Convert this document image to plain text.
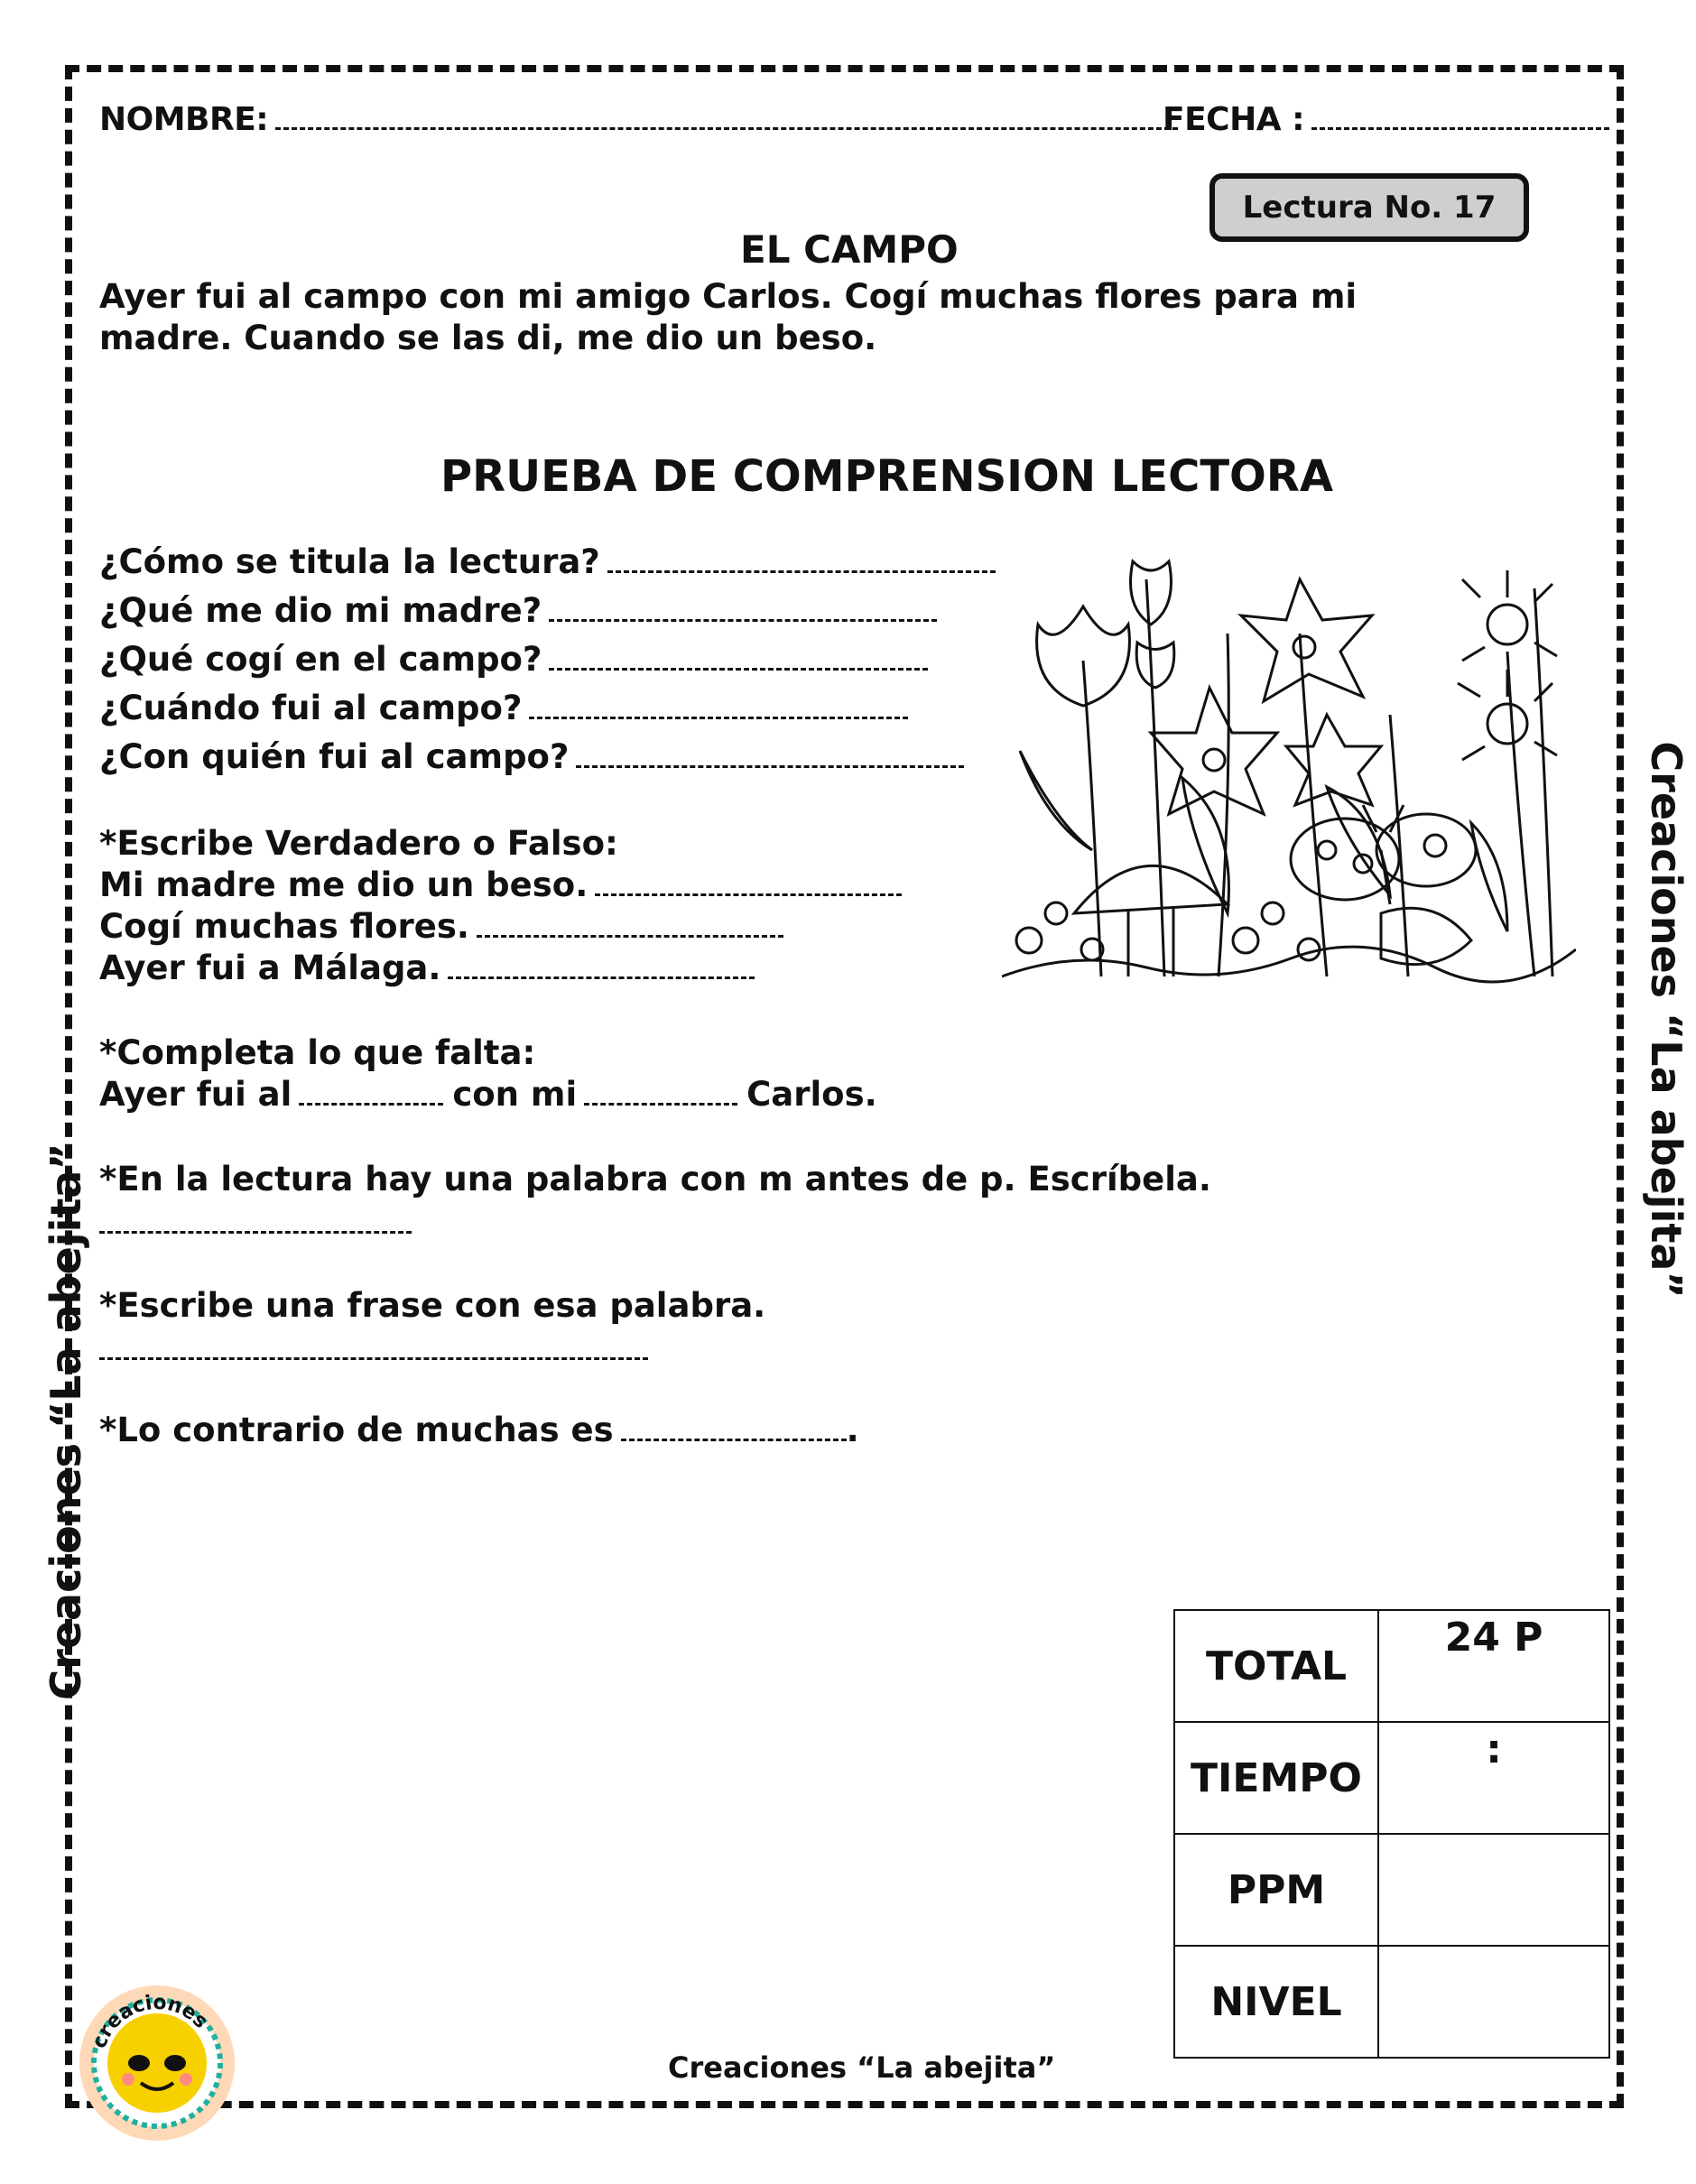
NOMBRE:	FECHA :
Lectura No. 17
EL CAMPO
Ayer fui al campo con mi amigo Carlos. Cogí muchas flores para mi
madre. Cuando se las di, me dio un beso.
PRUEBA DE COMPRENSION LECTORA
¿Cómo se titula la lectura?
¿Qué me dio mi madre?
¿Qué cogí en el campo?
¿Cuándo fui al campo?
¿Con quién fui al campo?
*Escribe Verdadero o Falso:
Mi madre me dio un beso.
Cogí muchas flores.
Ayer fui a Málaga.
*Completa lo que falta:
Ayer fui al	con mi	Carlos.
*En la lectura hay una palabra con m antes de p. Escríbela.
*Escribe una frase con esa palabra.
*Lo contrario de muchas es	.
Creaciones “La abejita”
Creaciones “La abejita”
TOTAL	24 P
TIEMPO	:
PPM	
NIVEL	
Creaciones “La abejita”
creaciones
